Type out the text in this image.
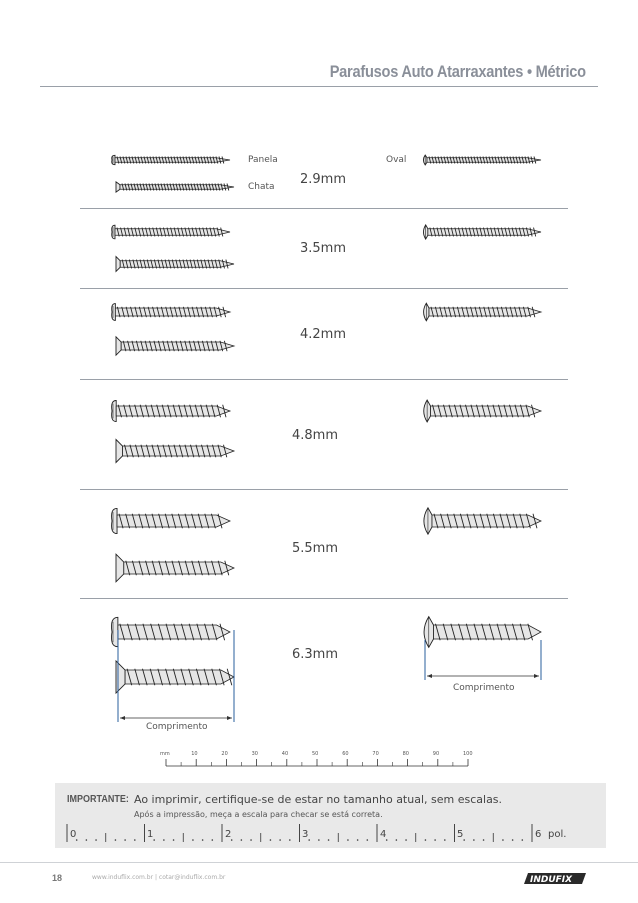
Parafusos Auto Atarraxantes • Métrico
Panela
Chata
Oval
2.9mm
3.5mm
4.2mm
4.8mm
5.5mm
6.3mm
Comprimento
Comprimento
mm	10	20	30	40	50	60	70	80	90	100
IMPORTANTE: Ao imprimir, certifique-se de estar no tamanho atual, sem escalas.
Após a impressão, meça a escala para checar se está correta.
0	1	2	3	4	5	6 pol.
18	www.induflix.com.br | cotar@induflix.com.br	INDUFIX
